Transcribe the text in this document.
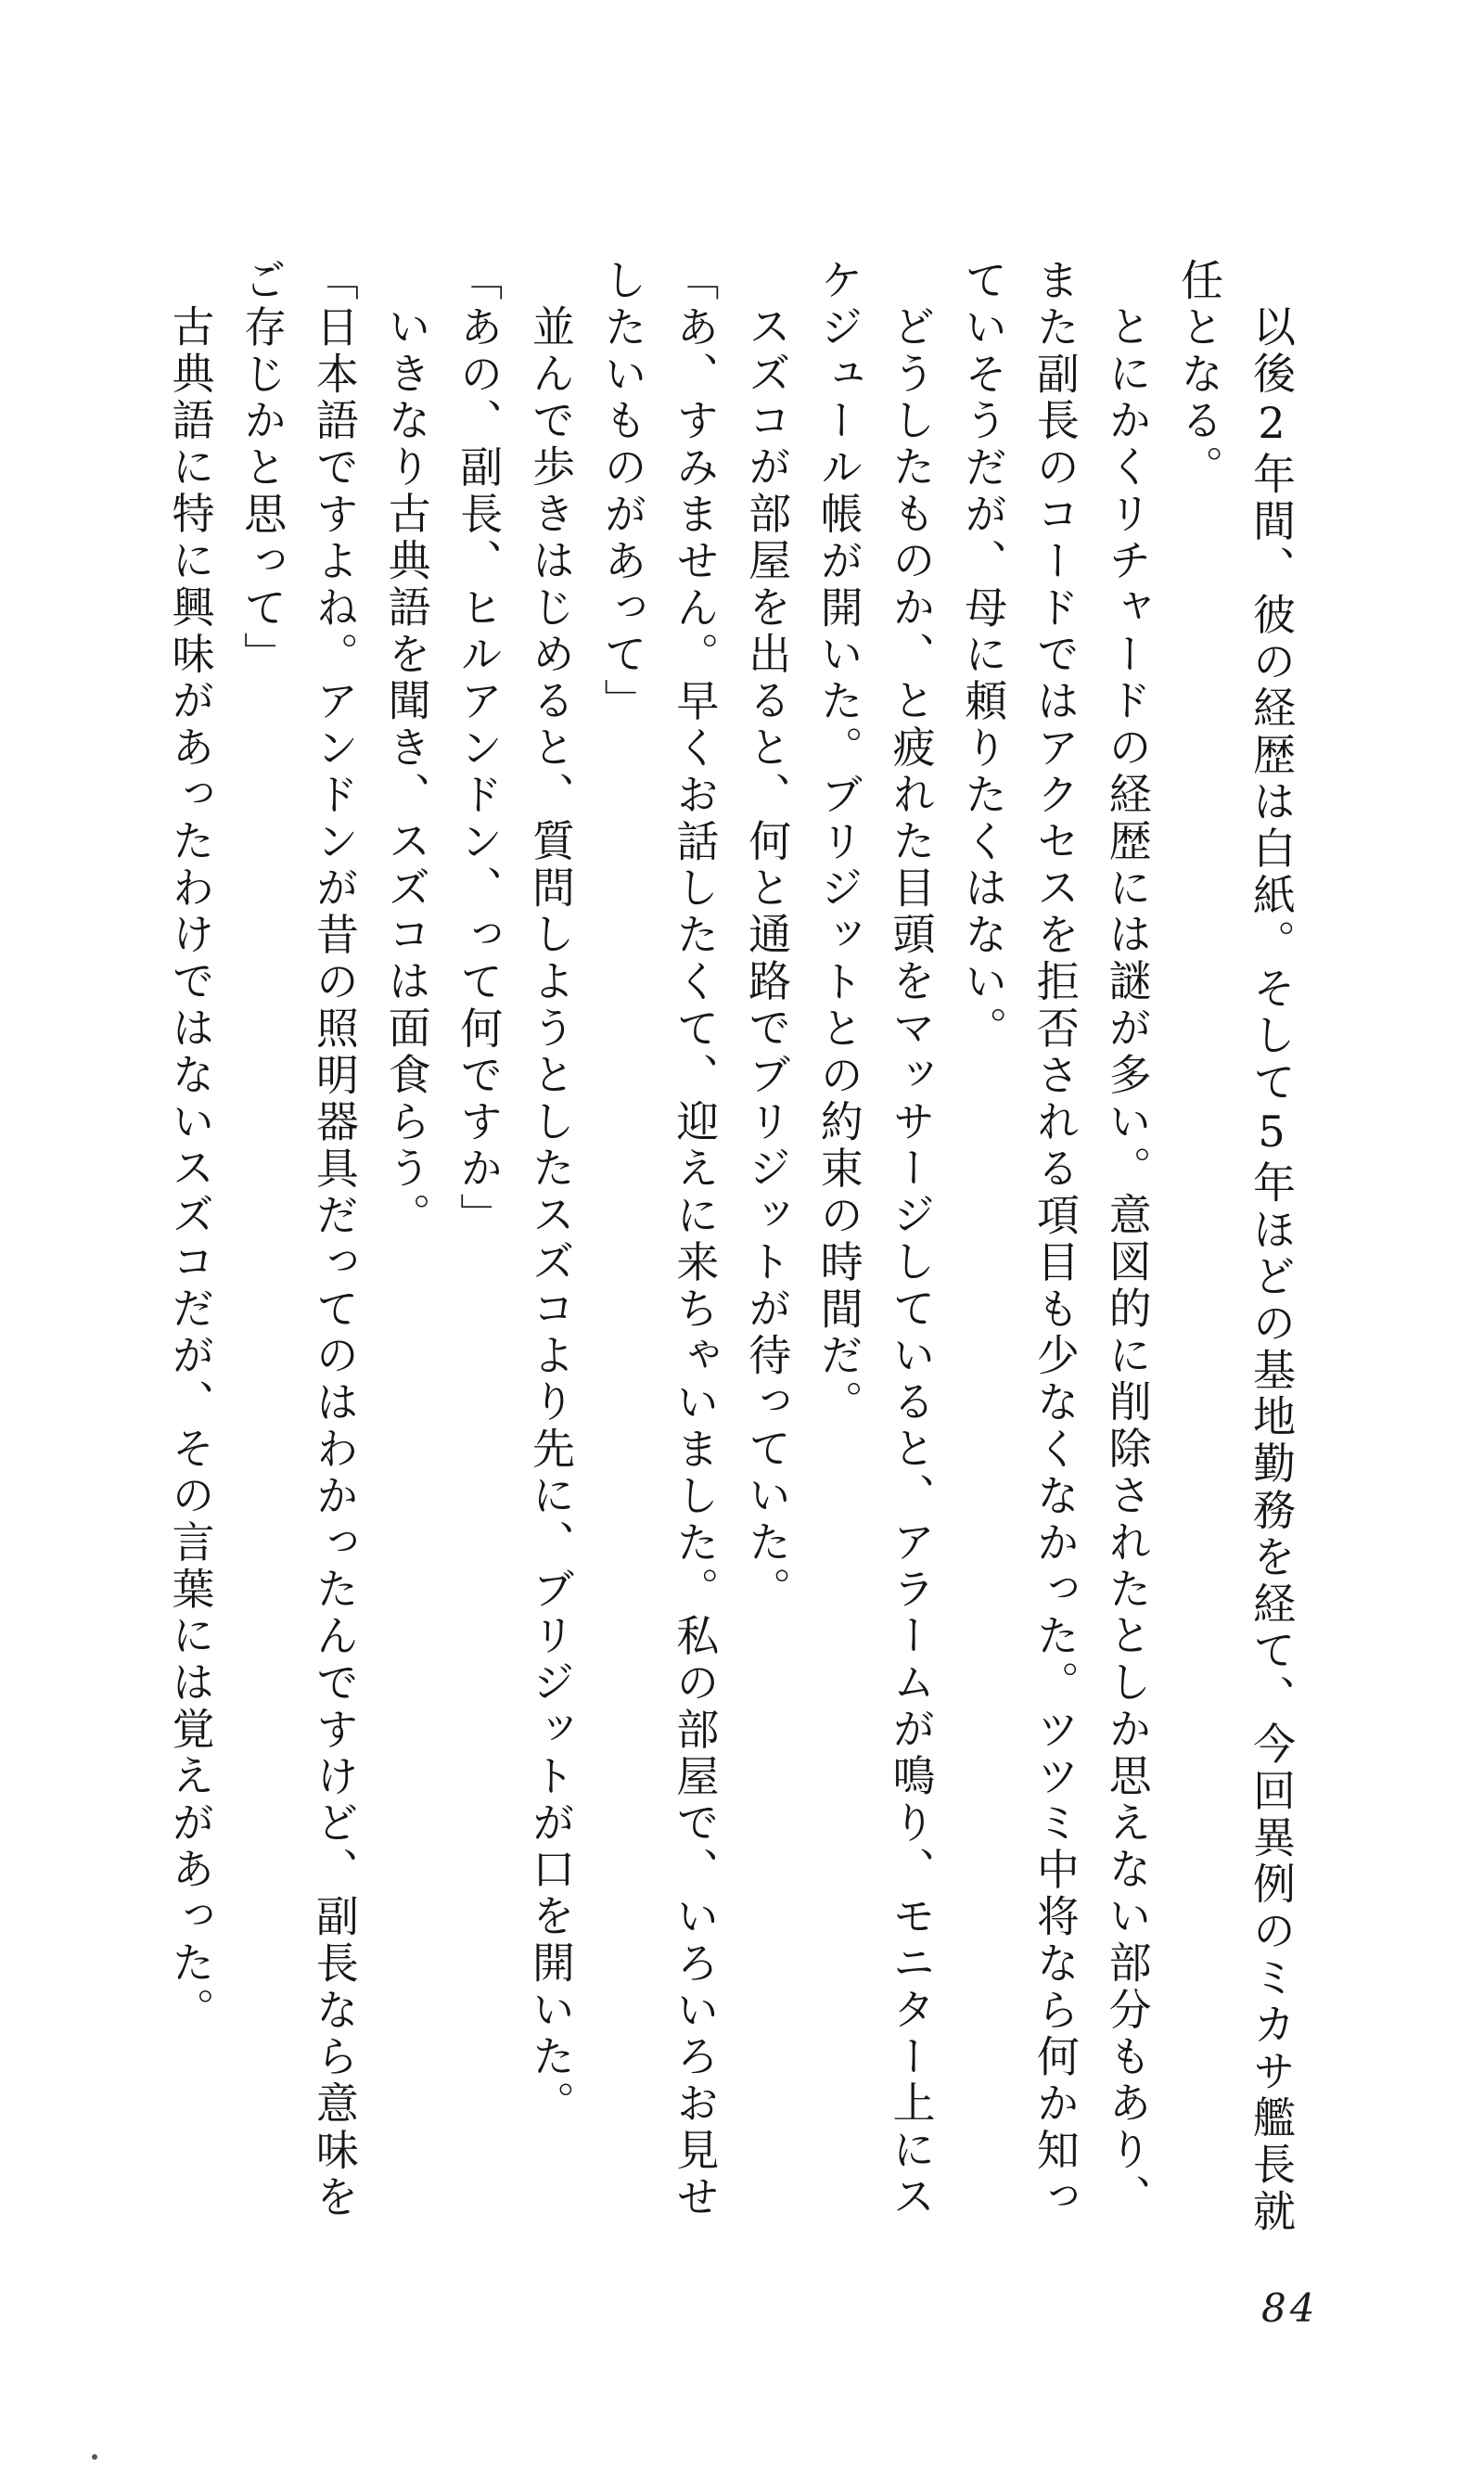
以後2年間、彼の経歴は白紙。そして5年ほどの基地勤務を経て、今回異例のミカサ艦長就任となる。

とにかくリチャードの経歴には謎が多い。意図的に削除されたとしか思えない部分もあり、また副長のコードではアクセスを拒否される項目も少なくなかった。ツツミ中将なら何か知っていそうだが、母に頼りたくはない。

どうしたものか、と疲れた目頭をマッサージしていると、アラームが鳴り、モニター上にスケジュール帳が開いた。ブリジットとの約束の時間だ。

スズコが部屋を出ると、何と通路でブリジットが待っていた。

「あ、すみません。早くお話したくて、迎えに来ちゃいました。私の部屋で、いろいろお見せしたいものがあって」

並んで歩きはじめると、質問しようとしたスズコより先に、ブリジットが口を開いた。

「あの、副長、ヒルアンドン、って何ですか」

いきなり古典語を聞き、スズコは面食らう。

「日本語ですよね。アンドンが昔の照明器具だってのはわかったんですけど、副長なら意味をご存じかと思って」

古典語に特に興味があったわけではないスズコだが、その言葉には覚えがあった。

84
